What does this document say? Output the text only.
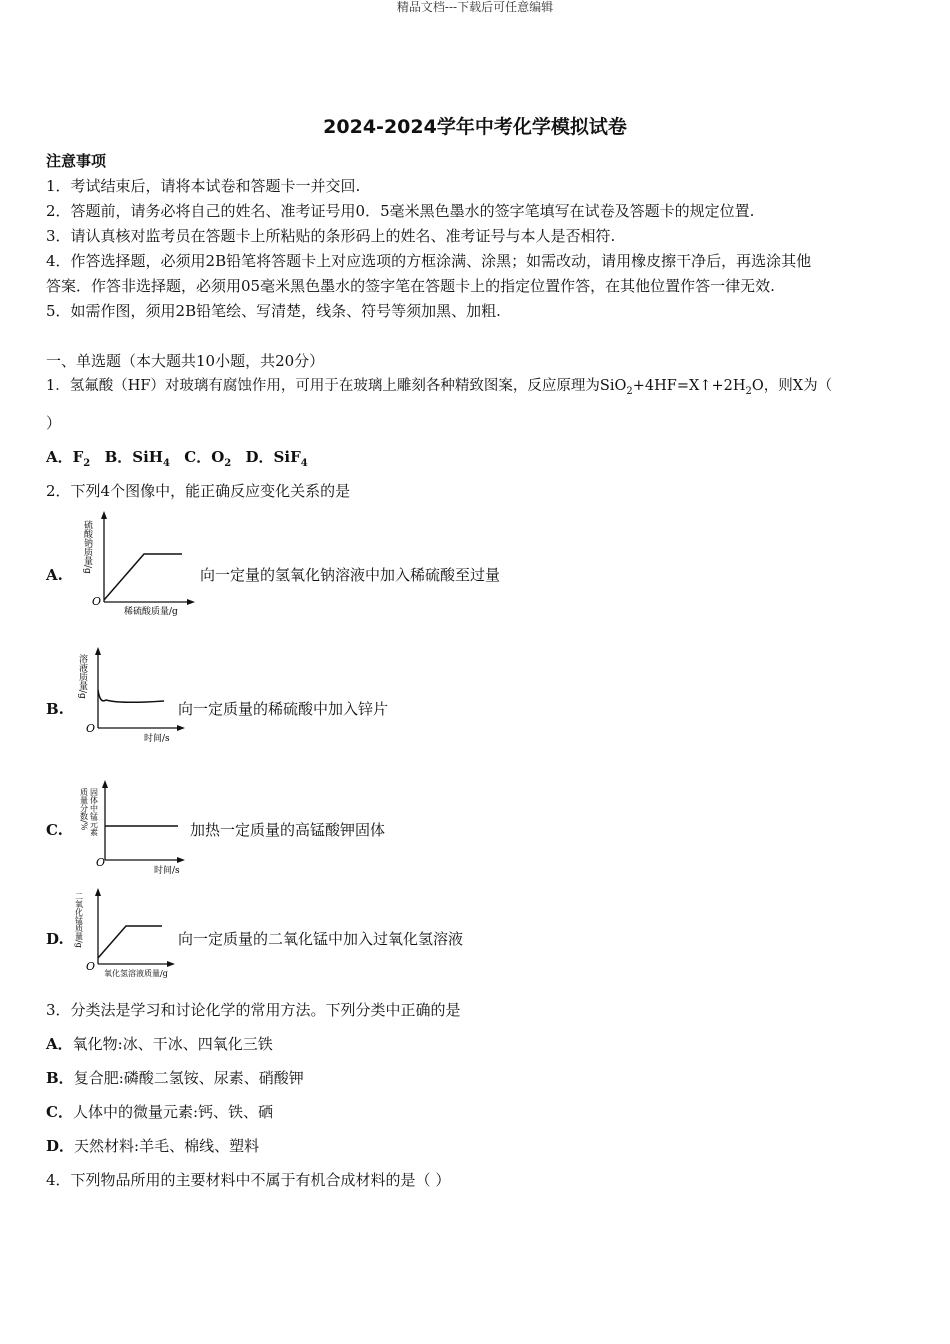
精品文档---下载后可任意编辑
2024-2024学年中考化学模拟试卷
注意事项
1．考试结束后，请将本试卷和答题卡一并交回.
2．答题前，请务必将自己的姓名、准考证号用0．5毫米黑色墨水的签字笔填写在试卷及答题卡的规定位置.
3．请认真核对监考员在答题卡上所粘贴的条形码上的姓名、准考证号与本人是否相符.
4．作答选择题，必须用2B铅笔将答题卡上对应选项的方框涂满、涂黑；如需改动，请用橡皮擦干净后，再选涂其他
答案．作答非选择题，必须用05毫米黑色墨水的签字笔在答题卡上的指定位置作答，在其他位置作答一律无效.
5．如需作图，须用2B铅笔绘、写清楚，线条、符号等须加黑、加粗.
一、单选题（本大题共10小题，共20分）
1．氢氟酸（HF）对玻璃有腐蚀作用，可用于在玻璃上雕刻各种精致图案，反应原理为$SiO_2+4HF=X↑+2H_2O$，则X为（
）
A．$F_2$ B．SiH$_4$ C．$O_2$ D．SiF$_4$
2．下列4个图像中，能正确反应变化关系的是
A.
O
稀硫酸质量/g
硫酸钠质量/g
向一定量的氢氧化钠溶液中加入稀硫酸至过量
B.
O
时间/s
溶液质量/g
向一定质量的稀硫酸中加入锌片
C.
O
时间/s
质量分数/% 固体中锰元素	加热一定质量的高锰酸钾固体
D.
O
氧化氢溶液质量/g
二氧化锰质量/g	向一定质量的二氧化锰中加入过氧化氢溶液
3．分类法是学习和讨论化学的常用方法。下列分类中正确的是
A．氧化物:冰、干冰、四氧化三铁
B．复合肥:磷酸二氢铵、尿素、硝酸钾
C．人体中的微量元素:钙、铁、硒
D．天然材料:羊毛、棉线、塑料
4．下列物品所用的主要材料中不属于有机合成材料的是（ ）
